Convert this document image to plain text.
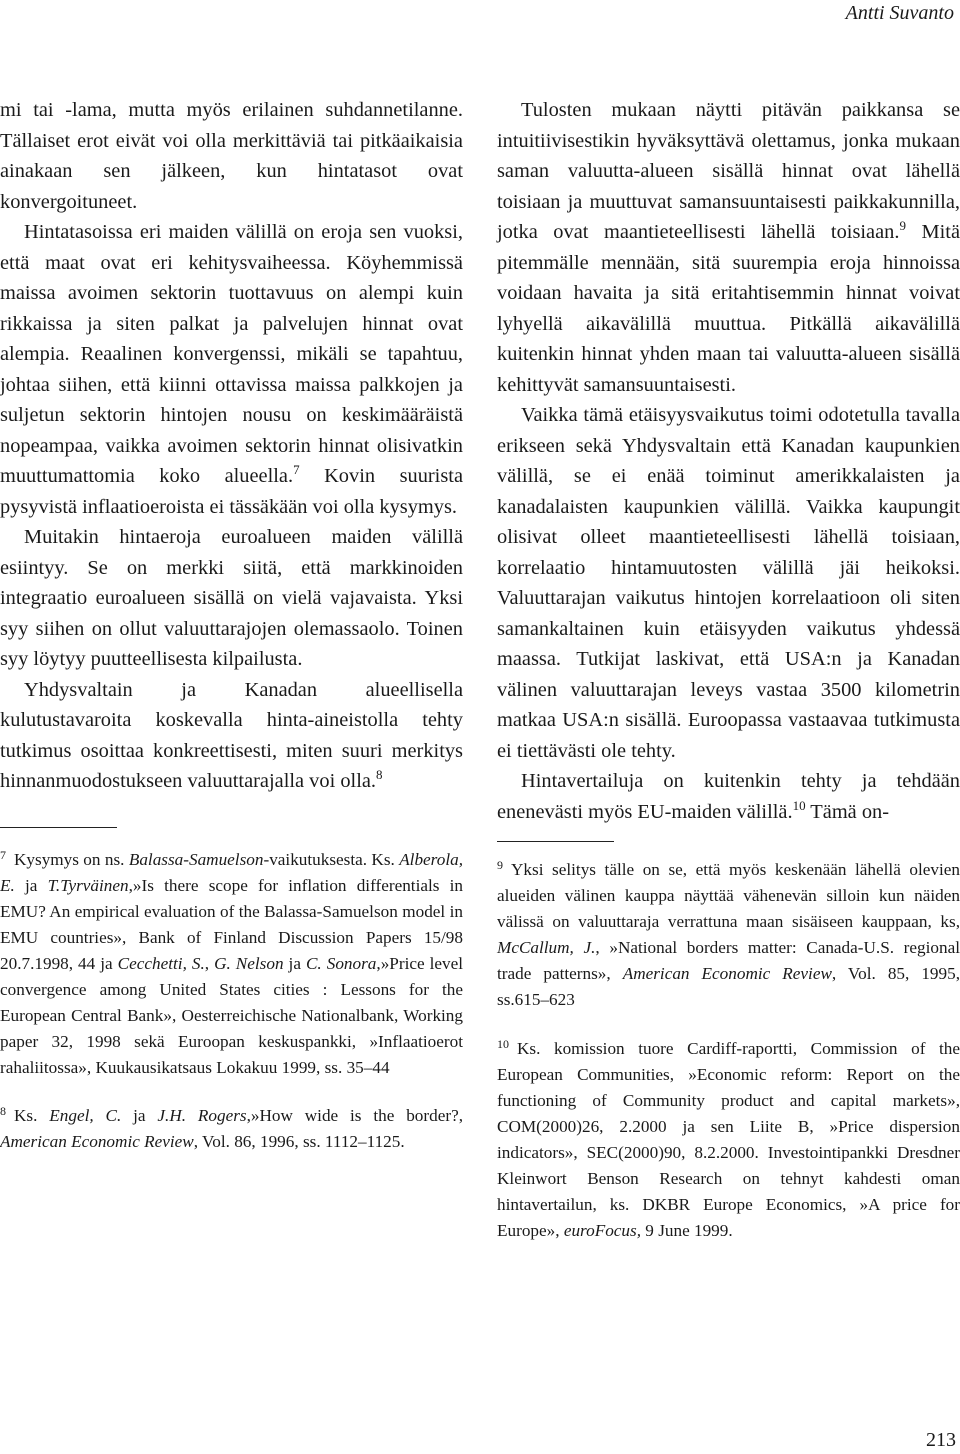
Antti Suvanto

mi tai -lama, mutta myös erilainen suhdannetilanne. Tällaiset erot eivät voi olla merkittäviä tai pitkäaikaisia ainakaan sen jälkeen, kun hintatasot ovat konvergoituneet.

Hintatasoissa eri maiden välillä on eroja sen vuoksi, että maat ovat eri kehitysvaiheessa. Köyhemmissä maissa avoimen sektorin tuottavuus on alempi kuin rikkaissa ja siten palkat ja palvelujen hinnat ovat alempia. Reaalinen konvergenssi, mikäli se tapahtuu, johtaa siihen, että kiinni ottavissa maissa palkkojen ja suljetun sektorin hintojen nousu on keskimääräistä nopeampaa, vaikka avoimen sektorin hinnat olisivatkin muuttumattomia koko alueella.$^7$ Kovin suurista pysyvistä inflaatioeroista ei tässäkään voi olla kysymys.

Muitakin hintaeroja euroalueen maiden välillä esiintyy. Se on merkki siitä, että markkinoiden integraatio euroalueen sisällä on vielä vajavaista. Yksi syy siihen on ollut valuuttarajojen olemassaolo. Toinen syy löytyy puutteellisesta kilpailusta.

Yhdysvaltain ja Kanadan alueellisella kulutustavaroita koskevalla hinta-aineistolla tehty tutkimus osoittaa konkreettisesti, miten suuri merkitys hinnanmuodostukseen valuuttarajalla voi olla.$^8$

$^7$ Kysymys on ns. Balassa-Samuelson-vaikutuksesta. Ks. Alberola, E. ja T.Tyrväinen,»Is there scope for inflation differentials in EMU? An empirical evaluation of the Balassa-Samuelson model in EMU countries», Bank of Finland Discussion Papers 15/98 20.7.1998, 44 ja Cecchetti, S., G. Nelson ja C. Sonora,»Price level convergence among United States cities : Lessons for the European Central Bank», Oesterreichische Nationalbank, Working paper 32, 1998 sekä Euroopan keskuspankki, »Inflaatioerot rahaliitossa», Kuukausikatsaus Lokakuu 1999, ss. 35–44

$^8$ Ks. Engel, C. ja J.H. Rogers,»How wide is the border?, American Economic Review, Vol. 86, 1996, ss. 1112–1125.

Tulosten mukaan näytti pitävän paikkansa se intuitiivisestikin hyväksyttävä olettamus, jonka mukaan saman valuutta-alueen sisällä hinnat ovat lähellä toisiaan ja muuttuvat samansuuntaisesti paikkakunnilla, jotka ovat maantieteellisesti lähellä toisiaan.$^9$ Mitä pitemmälle mennään, sitä suurempia eroja hinnoissa voidaan havaita ja sitä eritahtisemmin hinnat voivat lyhyellä aikavälillä muuttua. Pitkällä aikavälillä kuitenkin hinnat yhden maan tai valuutta-alueen sisällä kehittyvät samansuuntaisesti.

Vaikka tämä etäisyysvaikutus toimi odotetulla tavalla erikseen sekä Yhdysvaltain että Kanadan kaupunkien välillä, se ei enää toiminut amerikkalaisten ja kanadalaisten kaupunkien välillä. Vaikka kaupungit olisivat olleet maantieteellisesti lähellä toisiaan, korrelaatio hintamuutosten välillä jäi heikoksi. Valuuttarajan vaikutus hintojen korrelaatioon oli siten samankaltainen kuin etäisyyden vaikutus yhdessä maassa. Tutkijat laskivat, että USA:n ja Kanadan välinen valuuttarajan leveys vastaa 3500 kilometrin matkaa USA:n sisällä. Euroopassa vastaavaa tutkimusta ei tiettävästi ole tehty.

Hintavertailuja on kuitenkin tehty ja tehdään enenevästi myös EU-maiden välillä.$^{10}$ Tämä on-

$^9$ Yksi selitys tälle on se, että myös keskenään lähellä olevien alueiden välinen kauppa näyttää vähenevän silloin kun näiden välissä on valuuttaraja verrattuna maan sisäiseen kauppaan, ks, McCallum, J., »National borders matter: Canada-U.S. regional trade patterns», American Economic Review, Vol. 85, 1995, ss.615–623

$^{10}$ Ks. komission tuore Cardiff-raportti, Commission of the European Communities, »Economic reform: Report on the functioning of Community product and capital markets», COM(2000)26, 2.2000 ja sen Liite B, »Price dispersion indicators», SEC(2000)90, 8.2.2000. Investointipankki Dresdner Kleinwort Benson Research on tehnyt kahdesti oman hintavertailun, ks. DKBR Europe Economics, »A price for Europe», euroFocus, 9 June 1999.

213
